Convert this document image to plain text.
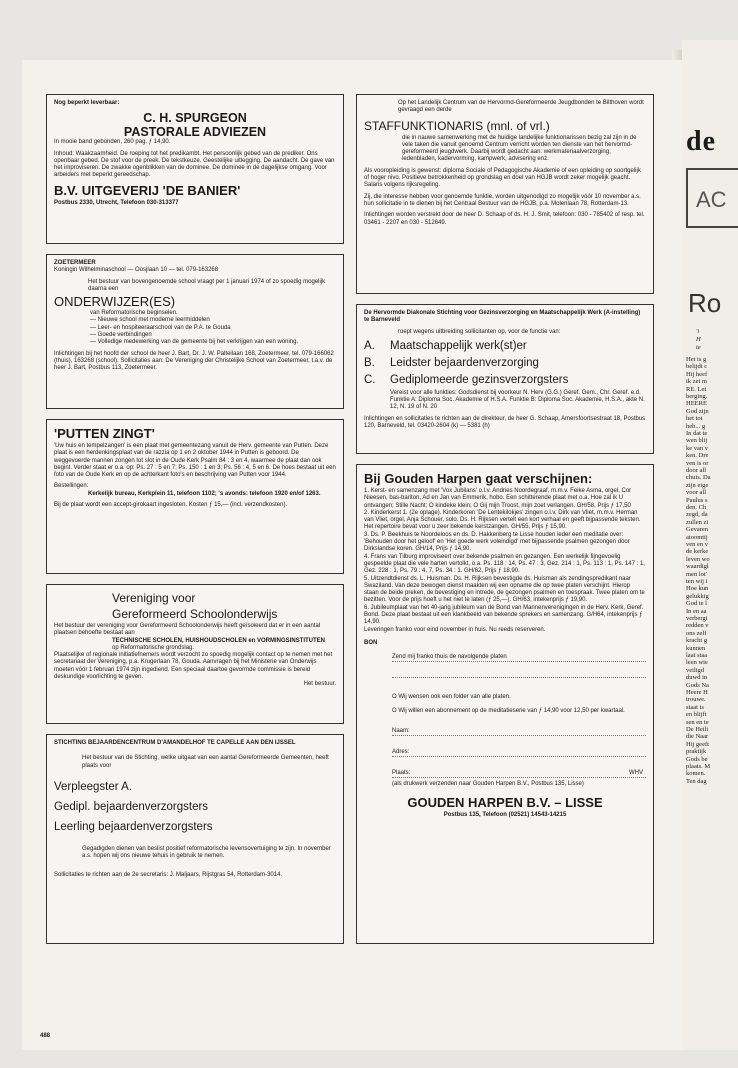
Nog beperkt leverbaar:

C. H. SPURGEON

PASTORALE ADVIEZEN

In mooie band gebonden, 260 pag. ƒ 14,90.

Inhoud: Waakzaamheid. De roeping tot het predikambt. Het persoonlijk gebed van de prediker. Ons openbaar gebed. De stof voor de preek. De tekstkeuze. Geestelijke uitlegging. De aandacht. De gave van het improviseren. De zwakke ogenblikken van de dominee. De dominee in de dagelijkse omgang. Voor arbeiders met beperkt gereedschap.

B.V. UITGEVERIJ 'DE BANIER'

Postbus 2330, Utrecht, Telefoon 030-313377

ZOETERMEER

Koningin Wilhelminaschool — Oosjlaan 10 — tel. 079-163268

Het bestuur van bovengenoemde school vraagt per 1 januari 1974 of zo spoedig mogelijk daarna een

ONDERWIJZER(ES)

van Reformatorische beginselen.

— Nieuwe school met moderne leermiddelen

— Leer- en hospiteeraarschool van de P.A. te Gouda

— Goede verbindingen

— Volledige medewerking van de gemeente bij het verkrijgen van een woning.

Inlichtingen bij het hoofd der school de heer J. Bart, Dr. J. W. Palteilaan 168, Zoetermeer, tel. 079-166062 (thuis), 163268 (school). Sollicitaties aan: De Vereniging der Christelijke School van Zoetermeer, t.a.v. de heer J. Bart, Postbus 113, Zoetermeer.

'PUTTEN ZINGT'

'Uw huis en tempelzangen' is een plaat met gemeentezang vanuit de Herv. gemeente van Putten. Deze plaat is een herdenkingsplaat van de razzia op 1 en 2 oktober 1944 in Putten is geboord. De weggevoerde mannen zongen tot slot in de Oude Kerk Psalm 84 : 3 en 4, waarmee de plaat dan ook begint. Verder staat er o.a. op: Ps. 27 : 5 en 7; Ps. 150 : 1 en 3; Ps. 56 : 4, 5 en 6. De hoes bestaat uit een foto van de Oude Kerk en op de achterkant foto's en beschrijving van Putten voor 1944.

Bestellingen:

Kerkelijk bureau, Kerkplein 11, telefoon 1102; 's avonds: telefoon 1920 en/of 1263.

Bij de plaat wordt een accept-girokaart ingesloten. Kosten ƒ 15,— (incl. verzendkosten).

Vereniging voor

Gereformeerd Schoolonderwijs

Het bestuur der vereniging voor Gereformeerd Schoolonderwijs heeft geïsoleerd dat er in een aantal plaatsen behoefte bestaat aan

TECHNISCHE SCHOLEN, HUISHOUDSCHOLEN en VORMINGSINSTITUTEN

op Reformatorische grondslag.

Plaatselijke of regionale initiatiefnemers wordt verzocht zo spoedig mogelijk contact op te nemen met het secretariaat der Vereniging, p.a. Krugerlaan 78, Gouda. Aanvragen bij het Ministerie van Onderwijs moeten vóór 1 februari 1974 zijn ingediend. Een speciaal daartoe gevormde commissie is bereid deskundige voorlichting te geven.

Het bestuur.

STICHTING BEJAARDENCENTRUM D'AMANDELHOF TE CAPELLE AAN DEN IJSSEL

Het bestuur van de Stichting, welke uitgaat van een aantal Gereformeerde Gemeenten, heeft plaats voor

Verpleegster A.

Gedipl. bejaardenverzorgsters

Leerling bejaardenverzorgsters

Gegadigden dienen van beslist positief reformatorische levensovertuiging te zijn. In november a.s. hopen wij ons nieuwe tehuis in gebruik te nemen.

Sollicitaties te richten aan de 2e secretaris: J. Maljaars, Rijstgras 54, Rotterdam-3014.

Op het Landelijk Centrum van de Hervormd-Gereformeerde Jeugdbonden te Bilthoven wordt gevraagd een derde

STAFFUNKTIONARIS (mnl. of vrl.)

die in nauwe samenwerking met de huidige landelijke funktionarissen bezig zal zijn in de vele taken die vanuit genoemd Centrum verricht worden ten dienste van het hervormd-gereformeerd jeugdwerk. Daarbij wordt gedacht aan: werkmateriaalverzorging, ledenbladen, kadervorming, kampwerk, advisering enz.

Als vooropleiding is gewenst: diploma Sociale of Pedagogische Akademie of een opleiding op soortgelijk of hoger nivo. Positieve betrokkenheid op grondslag en doel van HGJB wordt zeker mogelijk geacht. Salaris volgens rijksregeling.

Zij, die interesse hebben voor genoemde funktie, worden uitgenodigd zo mogelijk vóór 10 november a.s. hun sollicitatie in te dienen bij het Centraal Bestuur van de HGJB, p.a. Molenlaan 78, Rotterdam-13.

Inlichtingen worden verstrekt door de heer D. Schaap of ds. H. J. Smit, telefoon: 030 - 785402 of resp. tel. 03461 - 2207 en 030 - 512649.

De Hervormde Diakonale Stichting voor Gezinsverzorging en Maatschappelijk Werk (A-instelling) te Barneveld

roept wegens uitbreiding sollicitanten op, voor de functie van:

A.	Maatschappelijk werk(st)er
B.	Leidster bejaardenverzorging
C.	Gediplomeerde gezinsverzorgsters

Vereist voor alle funkties: Godsdienst bij voorkeur N. Herv (G.G.) Geref. Gem., Chr. Geref. e.d. Funktie A: Diploma Soc. Akademie of H.S.A. Funktie B: Diploma Soc. Akademie, H.S.A., akte N. 12, N. 19 of N. 20

Inlichtingen en sollicitaties te richten aan de direkteur, de heer G. Schaap, Amersfoortsestraat 18, Postbus 120, Barneveld, tel. 03420-2604 (k) — 5381 (h)

Bij Gouden Harpen gaat verschijnen:

1. Kerst- en samenzang met 'Vox Jubilans' o.l.v. Andries Noordegraaf, m.m.v. Feike Asma, orgel, Cor Nieesen, bas-bariton, Ad en Jan van Emmerik, hobo. Een schitterende plaat met o.a. Hoe zal ik U ontvangen; Stille Nacht; O kindeke klein; O Gij mijn Troost, mijn zoet verlangen. GH/58, Prijs ƒ 17,50

2. Kinderkerst 1. (2e oplage). Kinderkoren 'De Lentekilokjes' zingen o.l.v. Dirk van Vliet, m.m.v. Herman van Vliet, orgel, Anja Schouer, solo. Ds. H. Rijksen vertelt een kort verhaal en geeft bijpassende teksten. Het repertoire bevat voor u zeer bekende kerstzangen. GH/55, Prijs ƒ 15,90.

3. Ds. P. Beekhuis te Noordeloos en ds. D. Hakkenberg te Lisse houden ieder een meditatie over: 'Behouden door het geloof' en 'Het goede werk voleindigd' met bijpassende psalmen gezongen door Dirkslandse koren. GH/14, Prijs ƒ 14,90.

4. Frans van Tilburg improviseert over bekende psalmen en gezangen. Een werkelijk fijngevoelig gespeelde plaat die vele harten vertolkt, o.a. Ps. 118 : 14, Ps. 47 : 3, Gez. 214 : 1, Ps. 113 : 1, Ps. 147 : 1, Gez. 228 : 1, Ps. 79 : 4, 7, Ps. 34 : 1. GH/62, Prijs ƒ 18,90.

5. Uitzendtdienst ds. L. Huisman. Ds. H. Rijksen bevestigde ds. Huisman als zendingspredikant naar Swaziland. Van deze bewogen dienst maakten wij een opname die op twee platen verschijnt. Hierop staan de beide preken, de bevestiging en intrede, de gezongen psalmen en toespraak. Twee platen om te bezitten. Voor de prijs hoeft u het niet te laten (ƒ 25,—). GH/63, intekenprijs ƒ 19,90.

6. Jubileumplaat van het 40-jarig jubileum van de Bond van Mannenverenigingen in de Herv. Kerk, Geref. Bond. Deze plaat bestaat uit een klankbeeld van bekende sprekers en samenzang. G/H64, intekenprijs ƒ 14,90.

Leveringen franko voor eind november in huis. Nu reeds reserveren.

BON

Zend mij franko thuis de navolgende platen

O Wij wensen ook een folder van alle platen.

O Wij willen een abonnement op de meditatieserie van ƒ 14,90 voor 12,50 per kwartaal.

Naam:
Adres:
Plaats:	WHV

(als drukwerk verzenden naar Gouden Harpen B.V., Postbus 135, Lisse)

GOUDEN HARPEN B.V. – LISSE

Postbus 135, Telefoon (02521) 14543-14215

488
de
AC
Ro
'i
H
te
Het is g
belijdt c
Hij heef
ik zet m
RE. Let
berging.
HEERE
God zijn
het tot
heb... g
In dat te
wen blij
ke van v
ken. Dre
ven is or
door all
chuis. Da
zijn eige
voor all
Paulus s
den. Ch
zegd, da
zullen zi
Gevaren
atoomtij
ven en v
de kerke
leven wo
waardigl
men lot'
ten wij i
Hoe kun
gelukkig
God te l
In en aa
verbergi
redden v
ons zelf
kracht g
kunnen
laat staa
leen wie
veiligd
duwd in
Gods Na
Heere H
trouwe.
staat is
en blijft
sen en te
De Heili
die Naar
Hij geeft
praktijk
Gods be
plaats. M
komen.
Ten dag
